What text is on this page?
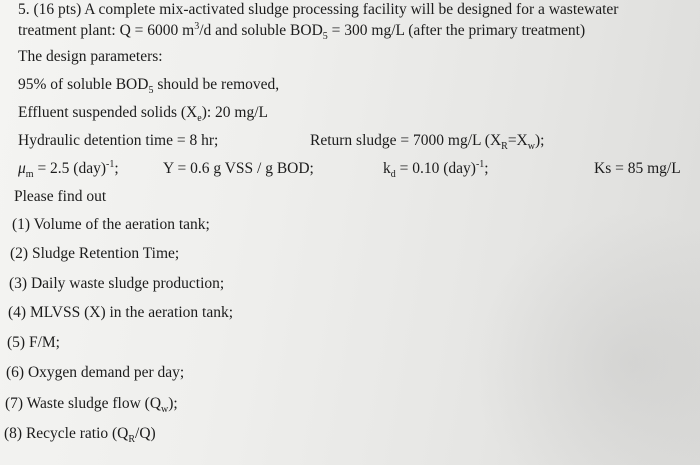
5. (16 pts) A complete mix-activated sludge processing facility will be designed for a wastewater
treatment plant: Q = 6000 $m^3/d$ and soluble $BOD_5 = 300$ mg/L (after the primary treatment)
The design parameters:
95% of soluble $BOD_5$ should be removed,
Effluent suspended solids $(X_e)$: 20 mg/L
Hydraulic detention time = 8 hr;	Return sludge = 7000 mg/L $(X_R=X_w)$;
$\mu_m = 2.5$ (day)$^{-1}$;	Y = 0.6 g VSS / g BOD;	$k_d = 0.10$ (day)$^{-1}$;	Ks = 85 mg/L
Please find out
(1) Volume of the aeration tank;
(2) Sludge Retention Time;
(3) Daily waste sludge production;
(4) MLVSS (X) in the aeration tank;
(5) F/M;
(6) Oxygen demand per day;
(7) Waste sludge flow $(Q_w)$;
(8) Recycle ratio $(Q_R/Q)$
